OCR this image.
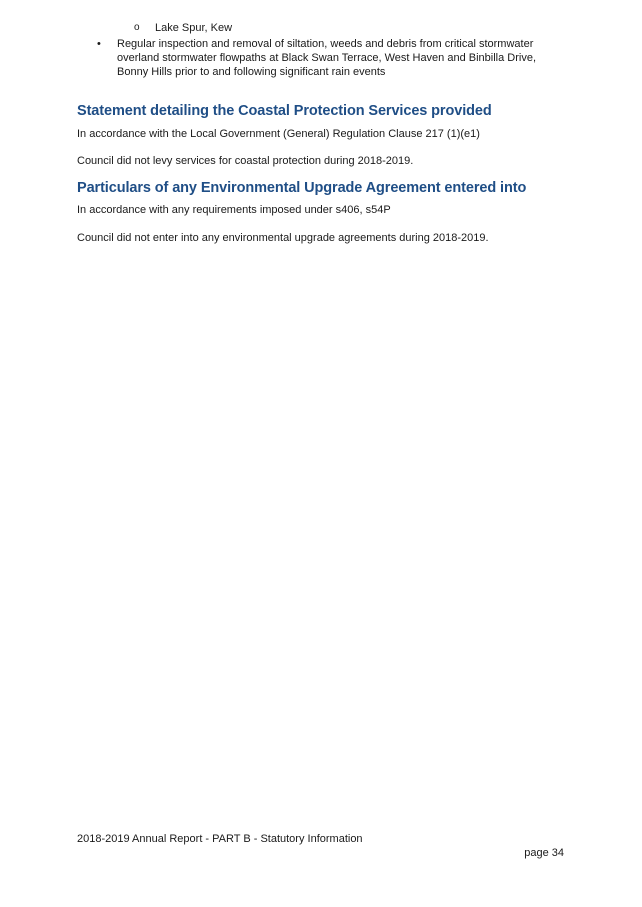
o	Lake Spur, Kew
• Regular inspection and removal of siltation, weeds and debris from critical stormwater overland stormwater flowpaths at Black Swan Terrace, West Haven and Binbilla Drive, Bonny Hills prior to and following significant rain events
Statement detailing the Coastal Protection Services provided
In accordance with the Local Government (General) Regulation Clause 217 (1)(e1)
Council did not levy services for coastal protection during 2018-2019.
Particulars of any Environmental Upgrade Agreement entered into
In accordance with any requirements imposed under s406, s54P
Council did not enter into any environmental upgrade agreements during 2018-2019.
2018-2019 Annual Report - PART B - Statutory Information
page 34
